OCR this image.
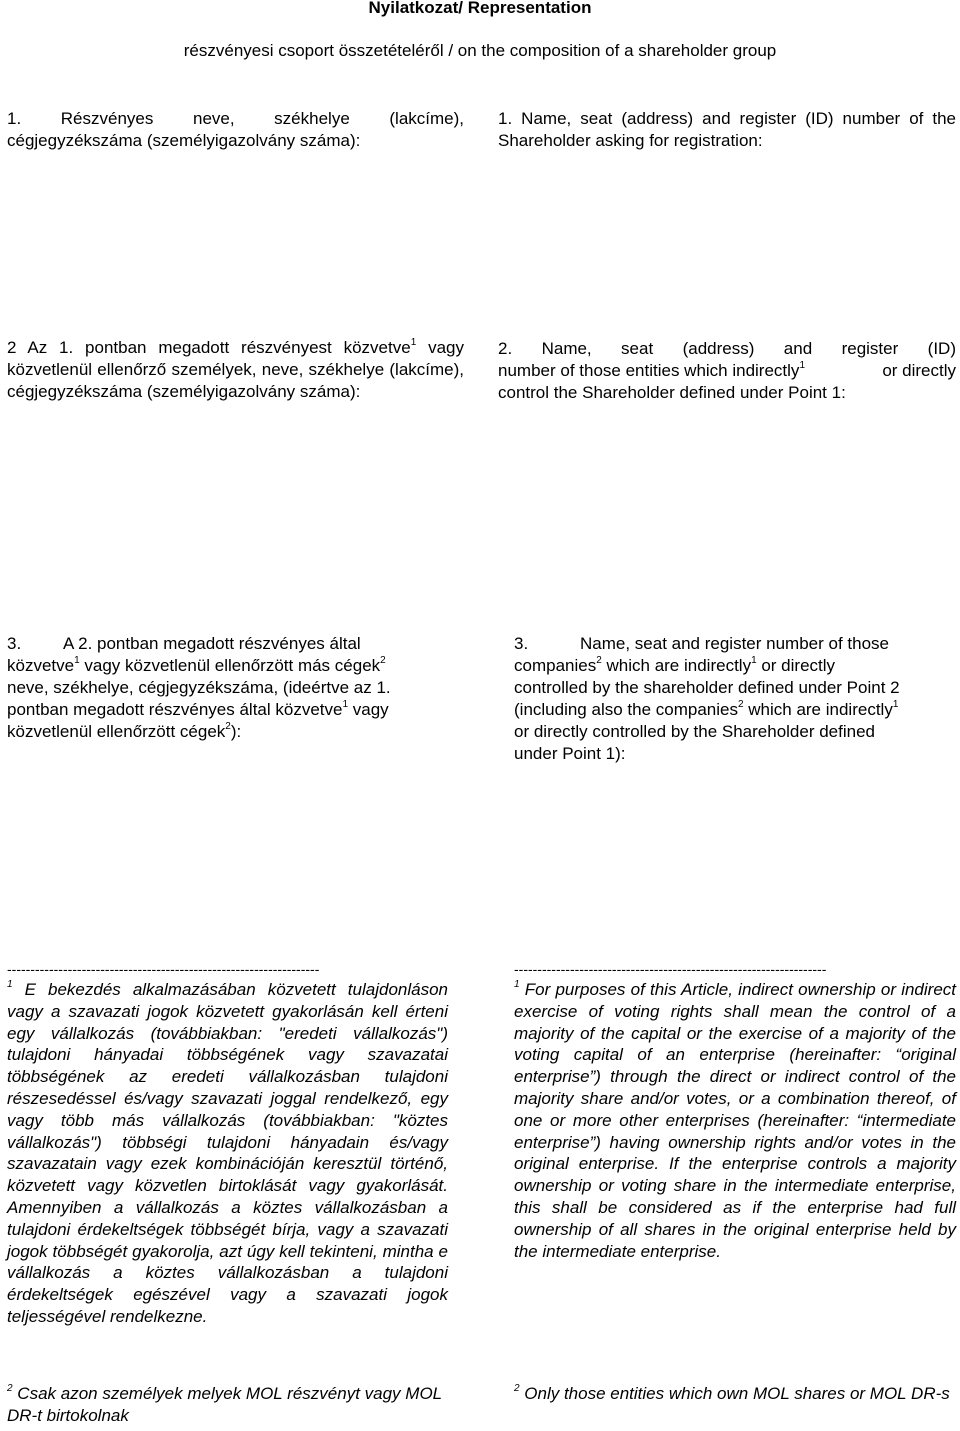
Nyilatkozat/ Representation
részvényesi csoport összetételéről / on the composition of a shareholder group
1. Részvényes neve, székhelye (lakcíme), cégjegyzékszáma (személyigazolvány száma):
1. Name, seat (address) and register (ID) number of the Shareholder asking for registration:
2 Az 1. pontban megadott részvényest közvetve$^1$ vagy közvetlenül ellenőrző személyek, neve, székhelye (lakcíme), cégjegyzékszáma (személyigazolvány száma):
2. Name, seat (address) and register (ID)
number of those entities which indirectly$^1$	or directly
control the Shareholder defined under Point 1:
3. A 2. pontban megadott részvényes által
közvetve$^1$ vagy közvetlenül ellenőrzött más cégek$^2$
neve, székhelye, cégjegyzékszáma, (ideértve az 1. pontban megadott részvényes által közvetve$^1$ vagy
közvetlenül ellenőrzött cégek$^2$):
3.	Name, seat and register number of those
companies$^2$ which are indirectly$^1$ or directly
controlled by the shareholder defined under Point 2
(including also the companies$^2$ which are indirectly$^1$
or directly controlled by the Shareholder defined
under Point 1):
-------------------------------------------------------------------	-------------------------------------------------------------------
$^1$ E bekezdés alkalmazásában közvetett tulajdonláson vagy a szavazati jogok közvetett gyakorlásán kell érteni egy vállalkozás (továbbiakban: "eredeti vállalkozás") tulajdoni hányadai többségének vagy szavazatai többségének az eredeti vállalkozásban tulajdoni részesedéssel és/vagy szavazati joggal rendelkező, egy vagy több más vállalkozás (továbbiakban: "köztes vállalkozás") többségi tulajdoni hányadain és/vagy szavazatain vagy ezek kombinációján keresztül történő, közvetett vagy közvetlen birtoklását vagy gyakorlását. Amennyiben a vállalkozás a köztes vállalkozásban a tulajdoni érdekeltségek többségét bírja, vagy a szavazati jogok többségét gyakorolja, azt úgy kell tekinteni, mintha e vállalkozás a köztes vállalkozásban a tulajdoni érdekeltségek egészével vagy a szavazati jogok teljességével rendelkezne.
$^1$ For purposes of this Article, indirect ownership or indirect exercise of voting rights shall mean the control of a majority of the capital or the exercise of a majority of the voting capital of an enterprise (hereinafter: “original enterprise”) through the direct or indirect control of the majority share and/or votes, or a combination thereof, of one or more other enterprises (hereinafter: “intermediate enterprise”) having ownership rights and/or votes in the original enterprise. If the enterprise controls a majority ownership or voting share in the intermediate enterprise, this shall be considered as if the enterprise had full ownership of all shares in the original enterprise held by the intermediate enterprise.
$^2$ Csak azon személyek melyek MOL részvényt vagy MOL DR-t birtokolnak
$^2$ Only those entities which own MOL shares or MOL DR-s
